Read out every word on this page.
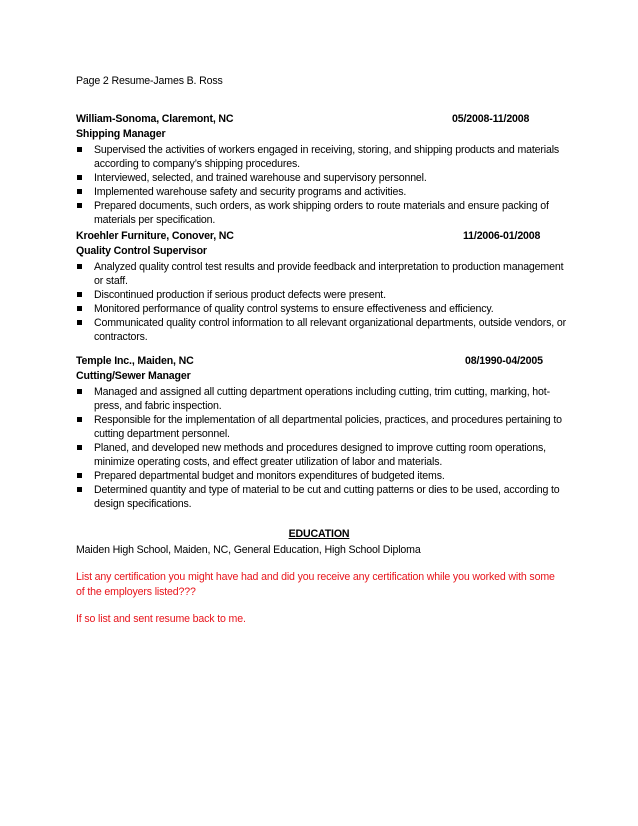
Page 2 Resume-James B. Ross
William-Sonoma, Claremont, NC	05/2008-11/2008
Shipping Manager
Supervised the activities of workers engaged in receiving, storing, and shipping products and materials according to company’s shipping procedures.
Interviewed, selected, and trained warehouse and supervisory personnel.
Implemented warehouse safety and security programs and activities.
Prepared documents, such orders, as work shipping orders to route materials and ensure packing of materials per specification.
Kroehler Furniture, Conover, NC	11/2006-01/2008
Quality Control Supervisor
Analyzed quality control test results and provide feedback and interpretation to production management or staff.
Discontinued production if serious product defects were present.
Monitored performance of quality control systems to ensure effectiveness and efficiency.
Communicated quality control information to all relevant organizational departments, outside vendors, or contractors.
Temple Inc., Maiden, NC	08/1990-04/2005
Cutting/Sewer Manager
Managed and assigned all cutting department operations including cutting, trim cutting, marking, hot-press, and fabric inspection.
Responsible for the implementation of all departmental policies, practices, and procedures pertaining to cutting department personnel.
Planed, and developed new methods and procedures designed to improve cutting room operations, minimize operating costs, and effect greater utilization of labor and materials.
Prepared departmental budget and monitors expenditures of budgeted items.
Determined quantity and type of material to be cut and cutting patterns or dies to be used, according to design specifications.
EDUCATION
Maiden High School, Maiden, NC, General Education, High School Diploma
List any certification you might have had and did you receive any certification while you worked with some of the employers listed???
If so list and sent resume back to me.
